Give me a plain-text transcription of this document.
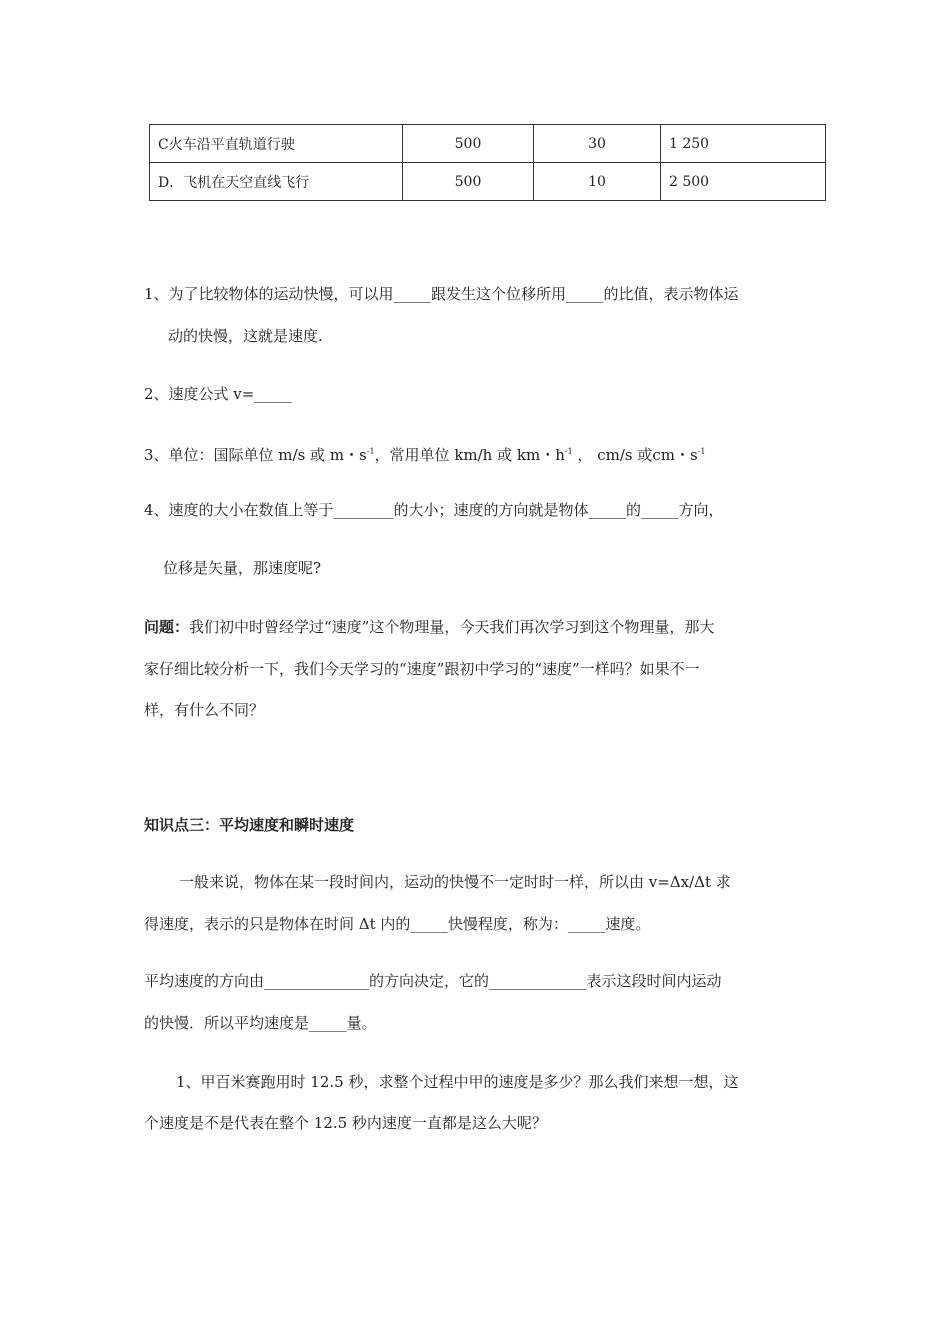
C火车沿平直轨道行驶	500	30	1 250
D．飞机在天空直线飞行	500	10	2 500
1、为了比较物体的运动快慢，可以用_____跟发生这个位移所用_____的比值，表示物体运
动的快慢，这就是速度.
2、速度公式 v=_____
3、单位：国际单位 m/s 或 m・$s^{-1}$，常用单位 km/h 或 km・$h^{-1}$ ， cm/s 或cm・$s^{-1}$
4、速度的大小在数值上等于________的大小；速度的方向就是物体_____的_____方向，
位移是矢量，那速度呢?
问题：我们初中时曾经学过“速度”这个物理量，今天我们再次学习到这个物理量，那大
家仔细比较分析一下，我们今天学习的“速度”跟初中学习的“速度”一样吗？如果不一
样，有什么不同？
知识点三：平均速度和瞬时速度
一般来说，物体在某一段时间内，运动的快慢不一定时时一样，所以由 v=Δx/Δt 求
得速度，表示的只是物体在时间 Δt 内的_____快慢程度，称为：_____速度。
平均速度的方向由______________的方向决定，它的_____________表示这段时间内运动
的快慢．所以平均速度是_____量。
1、甲百米赛跑用时 12.5 秒，求整个过程中甲的速度是多少？那么我们来想一想，这
个速度是不是代表在整个 12.5 秒内速度一直都是这么大呢？
